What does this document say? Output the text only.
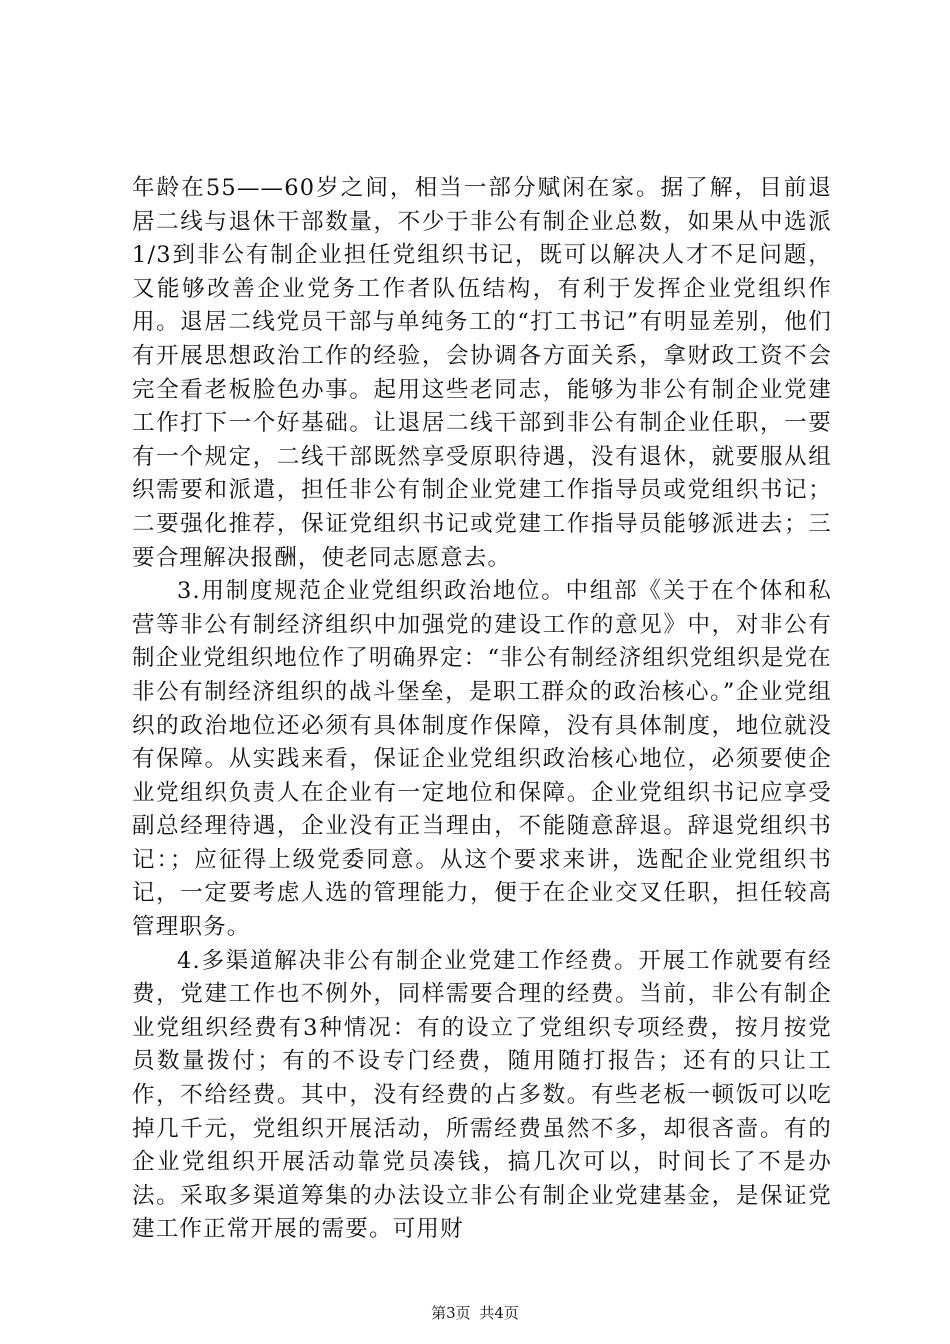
年龄在55——60岁之间，相当一部分赋闲在家。据了解，目前退居二线与退休干部数量，不少于非公有制企业总数，如果从中选派1/3到非公有制企业担任党组织书记，既可以解决人才不足问题，又能够改善企业党务工作者队伍结构，有利于发挥企业党组织作用。退居二线党员干部与单纯务工的“打工书记”有明显差别，他们有开展思想政治工作的经验，会协调各方面关系，拿财政工资不会完全看老板脸色办事。起用这些老同志，能够为非公有制企业党建工作打下一个好基础。让退居二线干部到非公有制企业任职，一要有一个规定，二线干部既然享受原职待遇，没有退休，就要服从组织需要和派遣，担任非公有制企业党建工作指导员或党组织书记；二要强化推荐，保证党组织书记或党建工作指导员能够派进去；三要合理解决报酬，使老同志愿意去。

3.用制度规范企业党组织政治地位。中组部《关于在个体和私营等非公有制经济组织中加强党的建设工作的意见》中，对非公有制企业党组织地位作了明确界定：“非公有制经济组织党组织是党在非公有制经济组织的战斗堡垒，是职工群众的政治核心。”企业党组织的政治地位还必须有具体制度作保障，没有具体制度，地位就没有保障。从实践来看，保证企业党组织政治核心地位，必须要使企业党组织负责人在企业有一定地位和保障。企业党组织书记应享受副总经理待遇，企业没有正当理由，不能随意辞退。辞退党组织书记：；应征得上级党委同意。从这个要求来讲，选配企业党组织书记，一定要考虑人选的管理能力，便于在企业交叉任职，担任较高管理职务。

4.多渠道解决非公有制企业党建工作经费。开展工作就要有经费，党建工作也不例外，同样需要合理的经费。当前，非公有制企业党组织经费有3种情况：有的设立了党组织专项经费，按月按党员数量拨付；有的不设专门经费，随用随打报告；还有的只让工作，不给经费。其中，没有经费的占多数。有些老板一顿饭可以吃掉几千元，党组织开展活动，所需经费虽然不多，却很吝啬。有的企业党组织开展活动靠党员凑钱，搞几次可以，时间长了不是办法。采取多渠道筹集的办法设立非公有制企业党建基金，是保证党建工作正常开展的需要。可用财

第3页 共4页
